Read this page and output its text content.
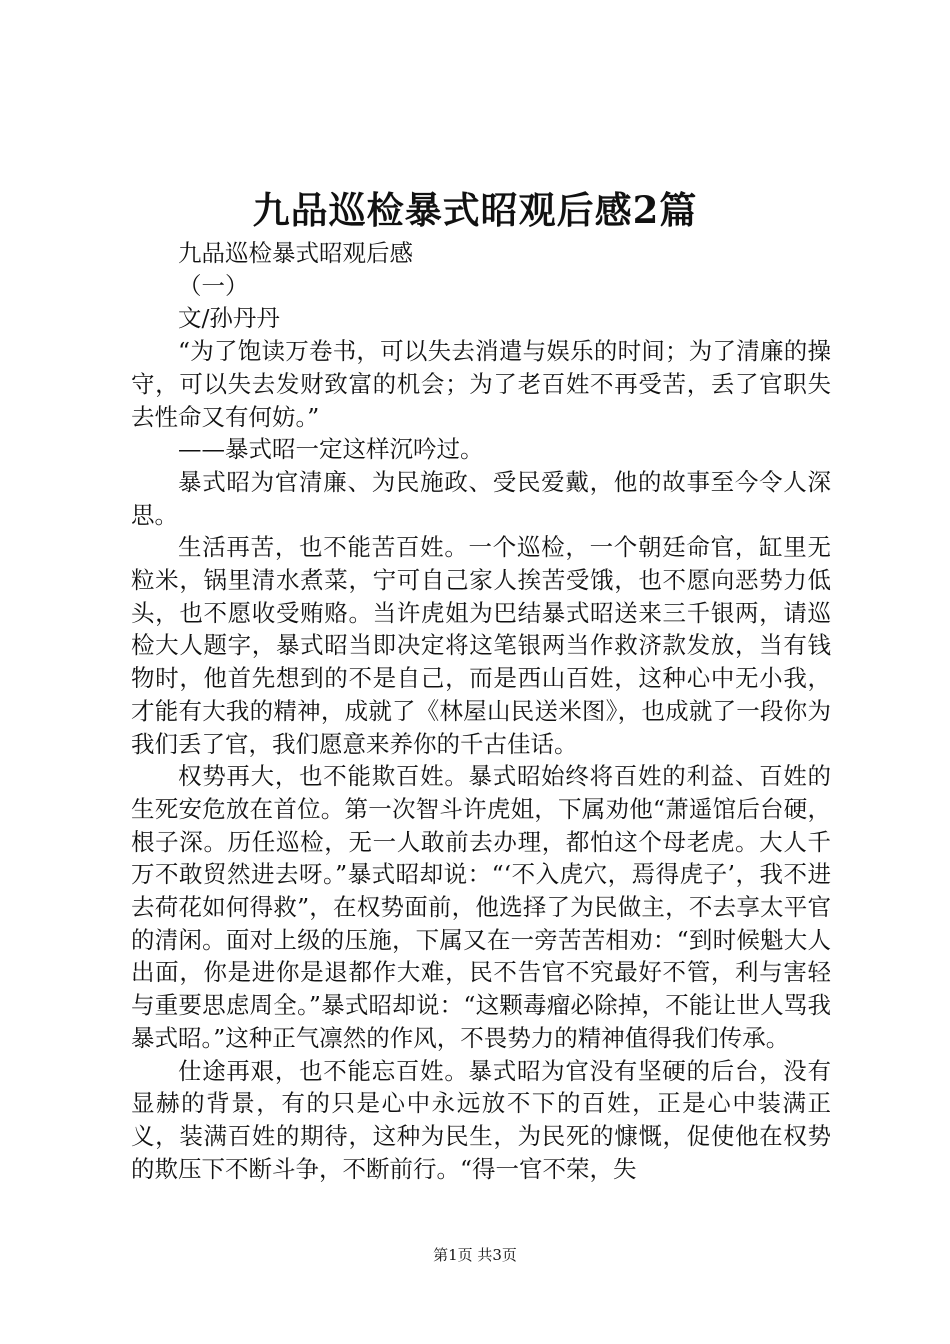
九品巡检暴式昭观后感2篇

九品巡检暴式昭观后感

（一）

文/孙丹丹

“为了饱读万卷书，可以失去消遣与娱乐的时间；为了清廉的操守，可以失去发财致富的机会；为了老百姓不再受苦，丢了官职失去性命又有何妨。”

——暴式昭一定这样沉吟过。

暴式昭为官清廉、为民施政、受民爱戴，他的故事至今令人深思。

生活再苦，也不能苦百姓。一个巡检，一个朝廷命官，缸里无粒米，锅里清水煮菜，宁可自己家人挨苦受饿，也不愿向恶势力低头，也不愿收受贿赂。当许虎姐为巴结暴式昭送来三千银两，请巡检大人题字，暴式昭当即决定将这笔银两当作救济款发放，当有钱物时，他首先想到的不是自己，而是西山百姓，这种心中无小我，才能有大我的精神，成就了《林屋山民送米图》，也成就了一段你为我们丢了官，我们愿意来养你的千古佳话。

权势再大，也不能欺百姓。暴式昭始终将百姓的利益、百姓的生死安危放在首位。第一次智斗许虎姐，下属劝他“萧遥馆后台硬，根子深。历任巡检，无一人敢前去办理，都怕这个母老虎。大人千万不敢贸然进去呀。”暴式昭却说：“‘不入虎穴，焉得虎子’，我不进去荷花如何得救”，在权势面前，他选择了为民做主，不去享太平官的清闲。面对上级的压施，下属又在一旁苦苦相劝：“到时候魁大人出面，你是进你是退都作大难，民不告官不究最好不管，利与害轻与重要思虑周全。”暴式昭却说：“这颗毒瘤必除掉，不能让世人骂我暴式昭。”这种正气凛然的作风，不畏势力的精神值得我们传承。

仕途再艰，也不能忘百姓。暴式昭为官没有坚硬的后台，没有显赫的背景，有的只是心中永远放不下的百姓，正是心中装满正义，装满百姓的期待，这种为民生，为民死的慷慨，促使他在权势的欺压下不断斗争，不断前行。“得一官不荣，失

第1页 共3页
